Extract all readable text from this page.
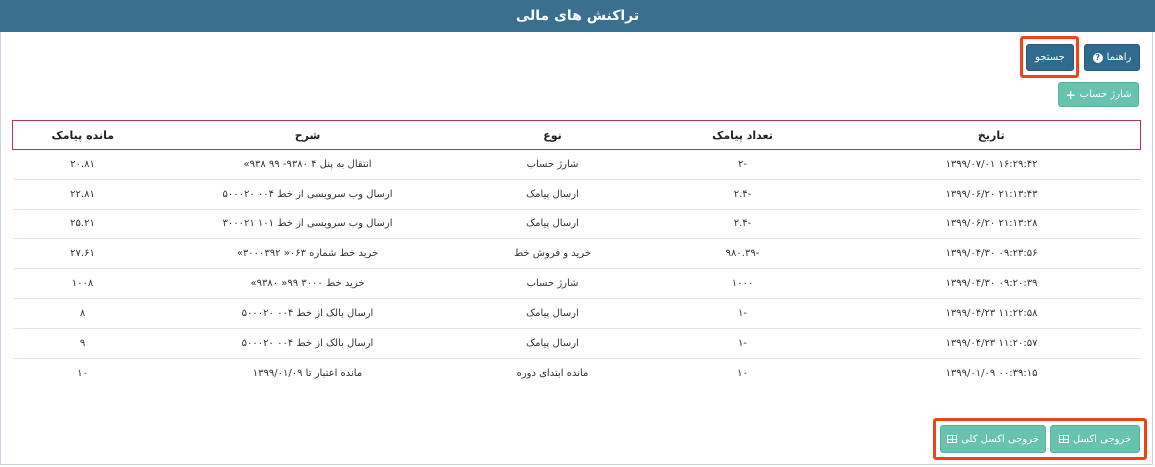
تراکنش های مالی
راهنما
?
جستجو
شارژ حساب
+
تاریخ	تعداد پیامک	نوع	شرح	مانده پیامک
۱۶:۲۹:۴۲ ۱۳۹۹/۰۷/۰۱	-۲	شارژ حساب	انتقال به پنل ۴ ۹۳۸۰- ۹۹ ۹۳۸»	۲۰.۸۱
۲۱:۱۳:۴۳ ۱۳۹۹/۰۶/۲۰	-۲.۴	ارسال پیامک	ارسال وب سرویسی از خط ۰۰۴ ۵۰۰۰۲۰	۲۲.۸۱
۲۱:۱۳:۲۸ ۱۳۹۹/۰۶/۲۰	-۲.۴	ارسال پیامک	ارسال وب سرویسی از خط ۱۰۱ ۳۰۰۰۲۱	۲۵.۲۱
۰۹:۲۳:۵۶ ۱۳۹۹/۰۴/۳۰	-۹۸۰.۳۹	خرید و فروش خط	خرید خط شماره ۰۶۳« ۳۰۰۰۳۹۲»	۲۷.۶۱
۰۹:۲۰:۳۹ ۱۳۹۹/۰۴/۳۰	۱۰۰۰	شارژ حساب	خرید خط ۳۰۰۰ ۹۹« ۹۳۸۰»	۱۰۰۸
۱۱:۲۲:۵۸ ۱۳۹۹/۰۴/۲۳	-۱	ارسال پیامک	ارسال بالک از خط ۰۰۴ ۵۰۰۰۲۰	۸
۱۱:۲۰:۵۷ ۱۳۹۹/۰۴/۲۳	-۱	ارسال پیامک	ارسال بالک از خط ۰۰۴ ۵۰۰۰۲۰	۹
۰۰:۳۹:۱۵ ۱۳۹۹/۰۱/۰۹	۱۰	مانده ابتدای دوره	مانده اعتبار تا ۱۳۹۹/۰۱/۰۹	۱۰
خروجی اکسل
خروجی اکسل کلی
